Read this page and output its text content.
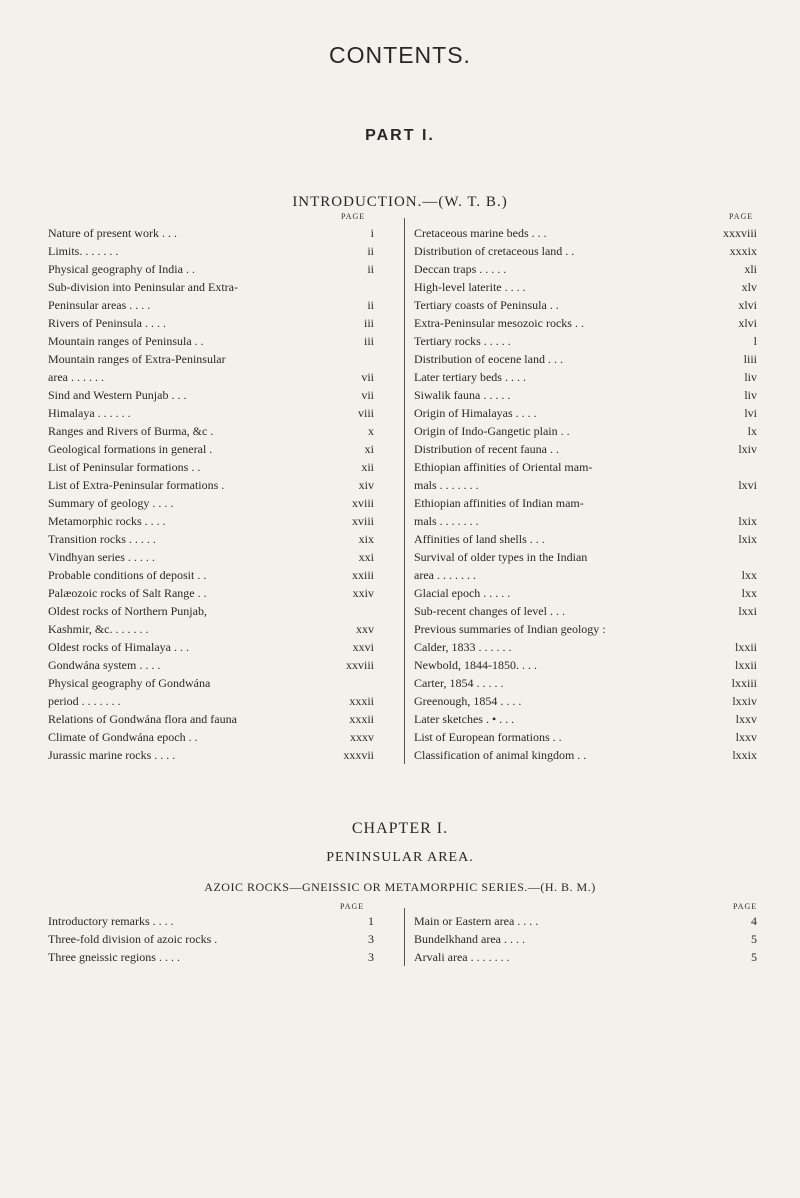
CONTENTS.
PART I.
INTRODUCTION.—(W. T. B.)
PAGE	PAGE
Nature of present work . . .	i
Limits. . . . . . .	ii
Physical geography of India . .	ii
Sub-division into Peninsular and Extra-
Peninsular areas . . . .	ii
Rivers of Peninsula . . . .	iii
Mountain ranges of Peninsula . .	iii
Mountain ranges of Extra-Peninsular
area . . . . . .	vii
Sind and Western Punjab . . .	vii
Himalaya . . . . . .	viii
Ranges and Rivers of Burma, &c .	x
Geological formations in general .	xi
List of Peninsular formations . .	xii
List of Extra-Peninsular formations .	xiv
Summary of geology . . . .	xviii
Metamorphic rocks . . . .	xviii
Transition rocks . . . . .	xix
Vindhyan series . . . . .	xxi
Probable conditions of deposit . .	xxiii
Palæozoic rocks of Salt Range . .	xxiv
Oldest rocks of Northern Punjab,
Kashmir, &c. . . . . . .	xxv
Oldest rocks of Himalaya . . .	xxvi
Gondwána system . . . .	xxviii
Physical geography of Gondwána
period . . . . . . .	xxxii
Relations of Gondwána flora and fauna	xxxii
Climate of Gondwána epoch . .	xxxv
Jurassic marine rocks . . . .	xxxvii
Cretaceous marine beds . . .	xxxviii
Distribution of cretaceous land . .	xxxix
Deccan traps . . . . .	xli
High-level laterite . . . .	xlv
Tertiary coasts of Peninsula . .	xlvi
Extra-Peninsular mesozoic rocks . .	xlvi
Tertiary rocks . . . . .	l
Distribution of eocene land . . .	liii
Later tertiary beds . . . .	liv
Siwalik fauna . . . . .	liv
Origin of Himalayas . . . .	lvi
Origin of Indo-Gangetic plain . .	lx
Distribution of recent fauna . .	lxiv
Ethiopian affinities of Oriental mam-
mals . . . . . . .	lxvi
Ethiopian affinities of Indian mam-
mals . . . . . . .	lxix
Affinities of land shells . . .	lxix
Survival of older types in the Indian
area . . . . . . .	lxx
Glacial epoch . . . . .	lxx
Sub-recent changes of level . . .	lxxi
Previous summaries of Indian geology :
Calder, 1833 . . . . . .	lxxii
Newbold, 1844-1850. . . .	lxxii
Carter, 1854 . . . . .	lxxiii
Greenough, 1854 . . . .	lxxiv
Later sketches . • . . .	lxxv
List of European formations . .	lxxv
Classification of animal kingdom . .	lxxix
CHAPTER I.
PENINSULAR AREA.
AZOIC ROCKS—GNEISSIC OR METAMORPHIC SERIES.—(H. B. M.)
PAGE	PAGE
Introductory remarks . . . .	1
Three-fold division of azoic rocks .	3
Three gneissic regions . . . .	3
Main or Eastern area . . . .	4
Bundelkhand area . . . .	5
Arvali area . . . . . . .	5
